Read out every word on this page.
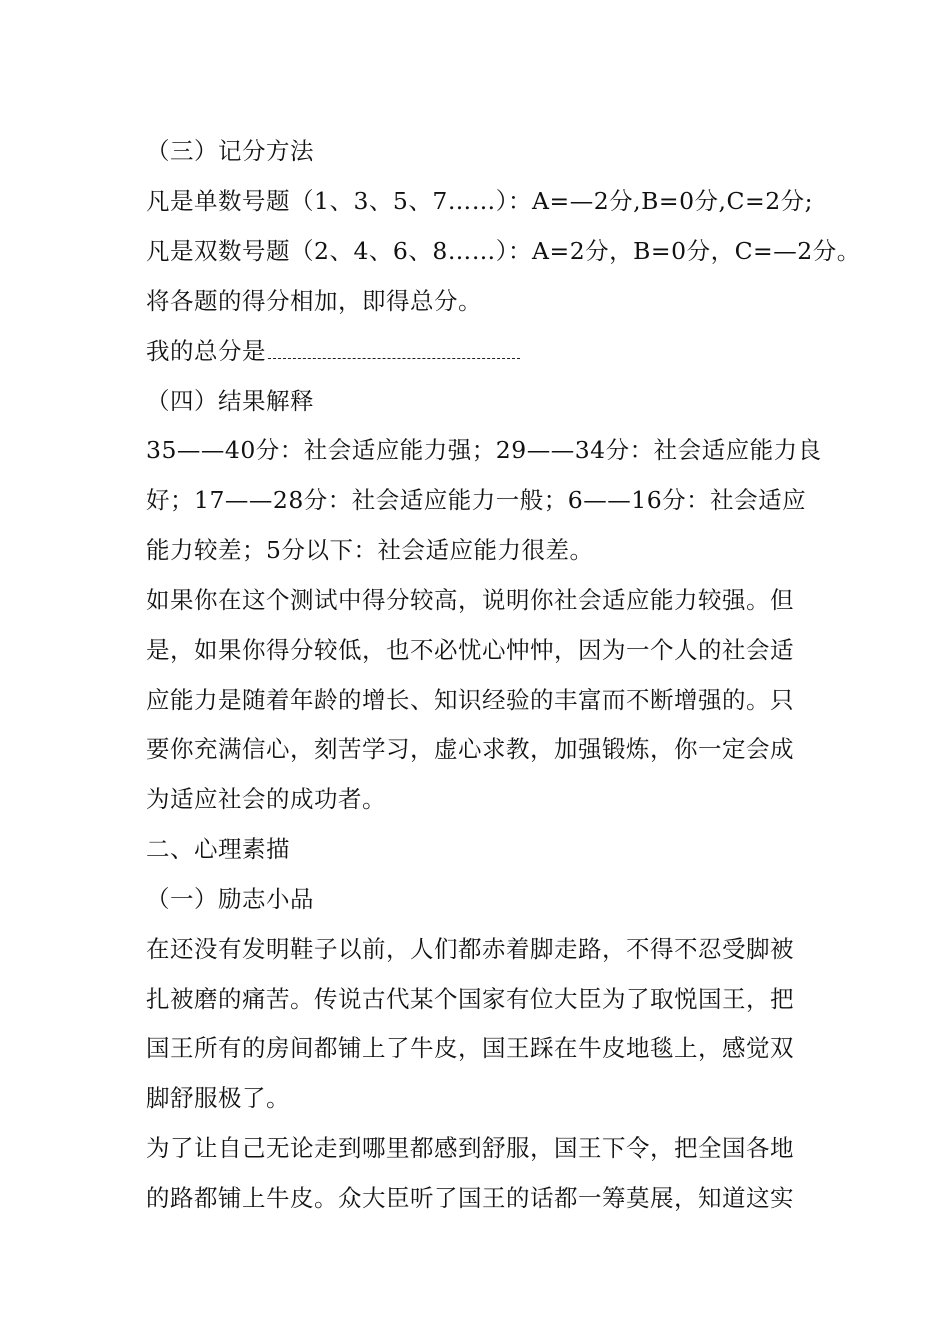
（三）记分方法
凡是单数号题（1、3、5、7……）：A=—2分,B=0分,C=2分;
凡是双数号题（2、4、6、8……）：A=2分，B=0分，C=—2分。
将各题的得分相加，即得总分。
我的总分是
（四）结果解释
35——40分：社会适应能力强；29——34分：社会适应能力良
好；17——28分：社会适应能力一般；6——16分：社会适应
能力较差；5分以下：社会适应能力很差。
如果你在这个测试中得分较高，说明你社会适应能力较强。但
是，如果你得分较低，也不必忧心忡忡，因为一个人的社会适
应能力是随着年龄的增长、知识经验的丰富而不断增强的。只
要你充满信心，刻苦学习，虚心求教，加强锻炼，你一定会成
为适应社会的成功者。
二、心理素描
（一）励志小品
在还没有发明鞋子以前，人们都赤着脚走路，不得不忍受脚被
扎被磨的痛苦。传说古代某个国家有位大臣为了取悦国王，把
国王所有的房间都铺上了牛皮，国王踩在牛皮地毯上，感觉双
脚舒服极了。
为了让自己无论走到哪里都感到舒服，国王下令，把全国各地
的路都铺上牛皮。众大臣听了国王的话都一筹莫展，知道这实
